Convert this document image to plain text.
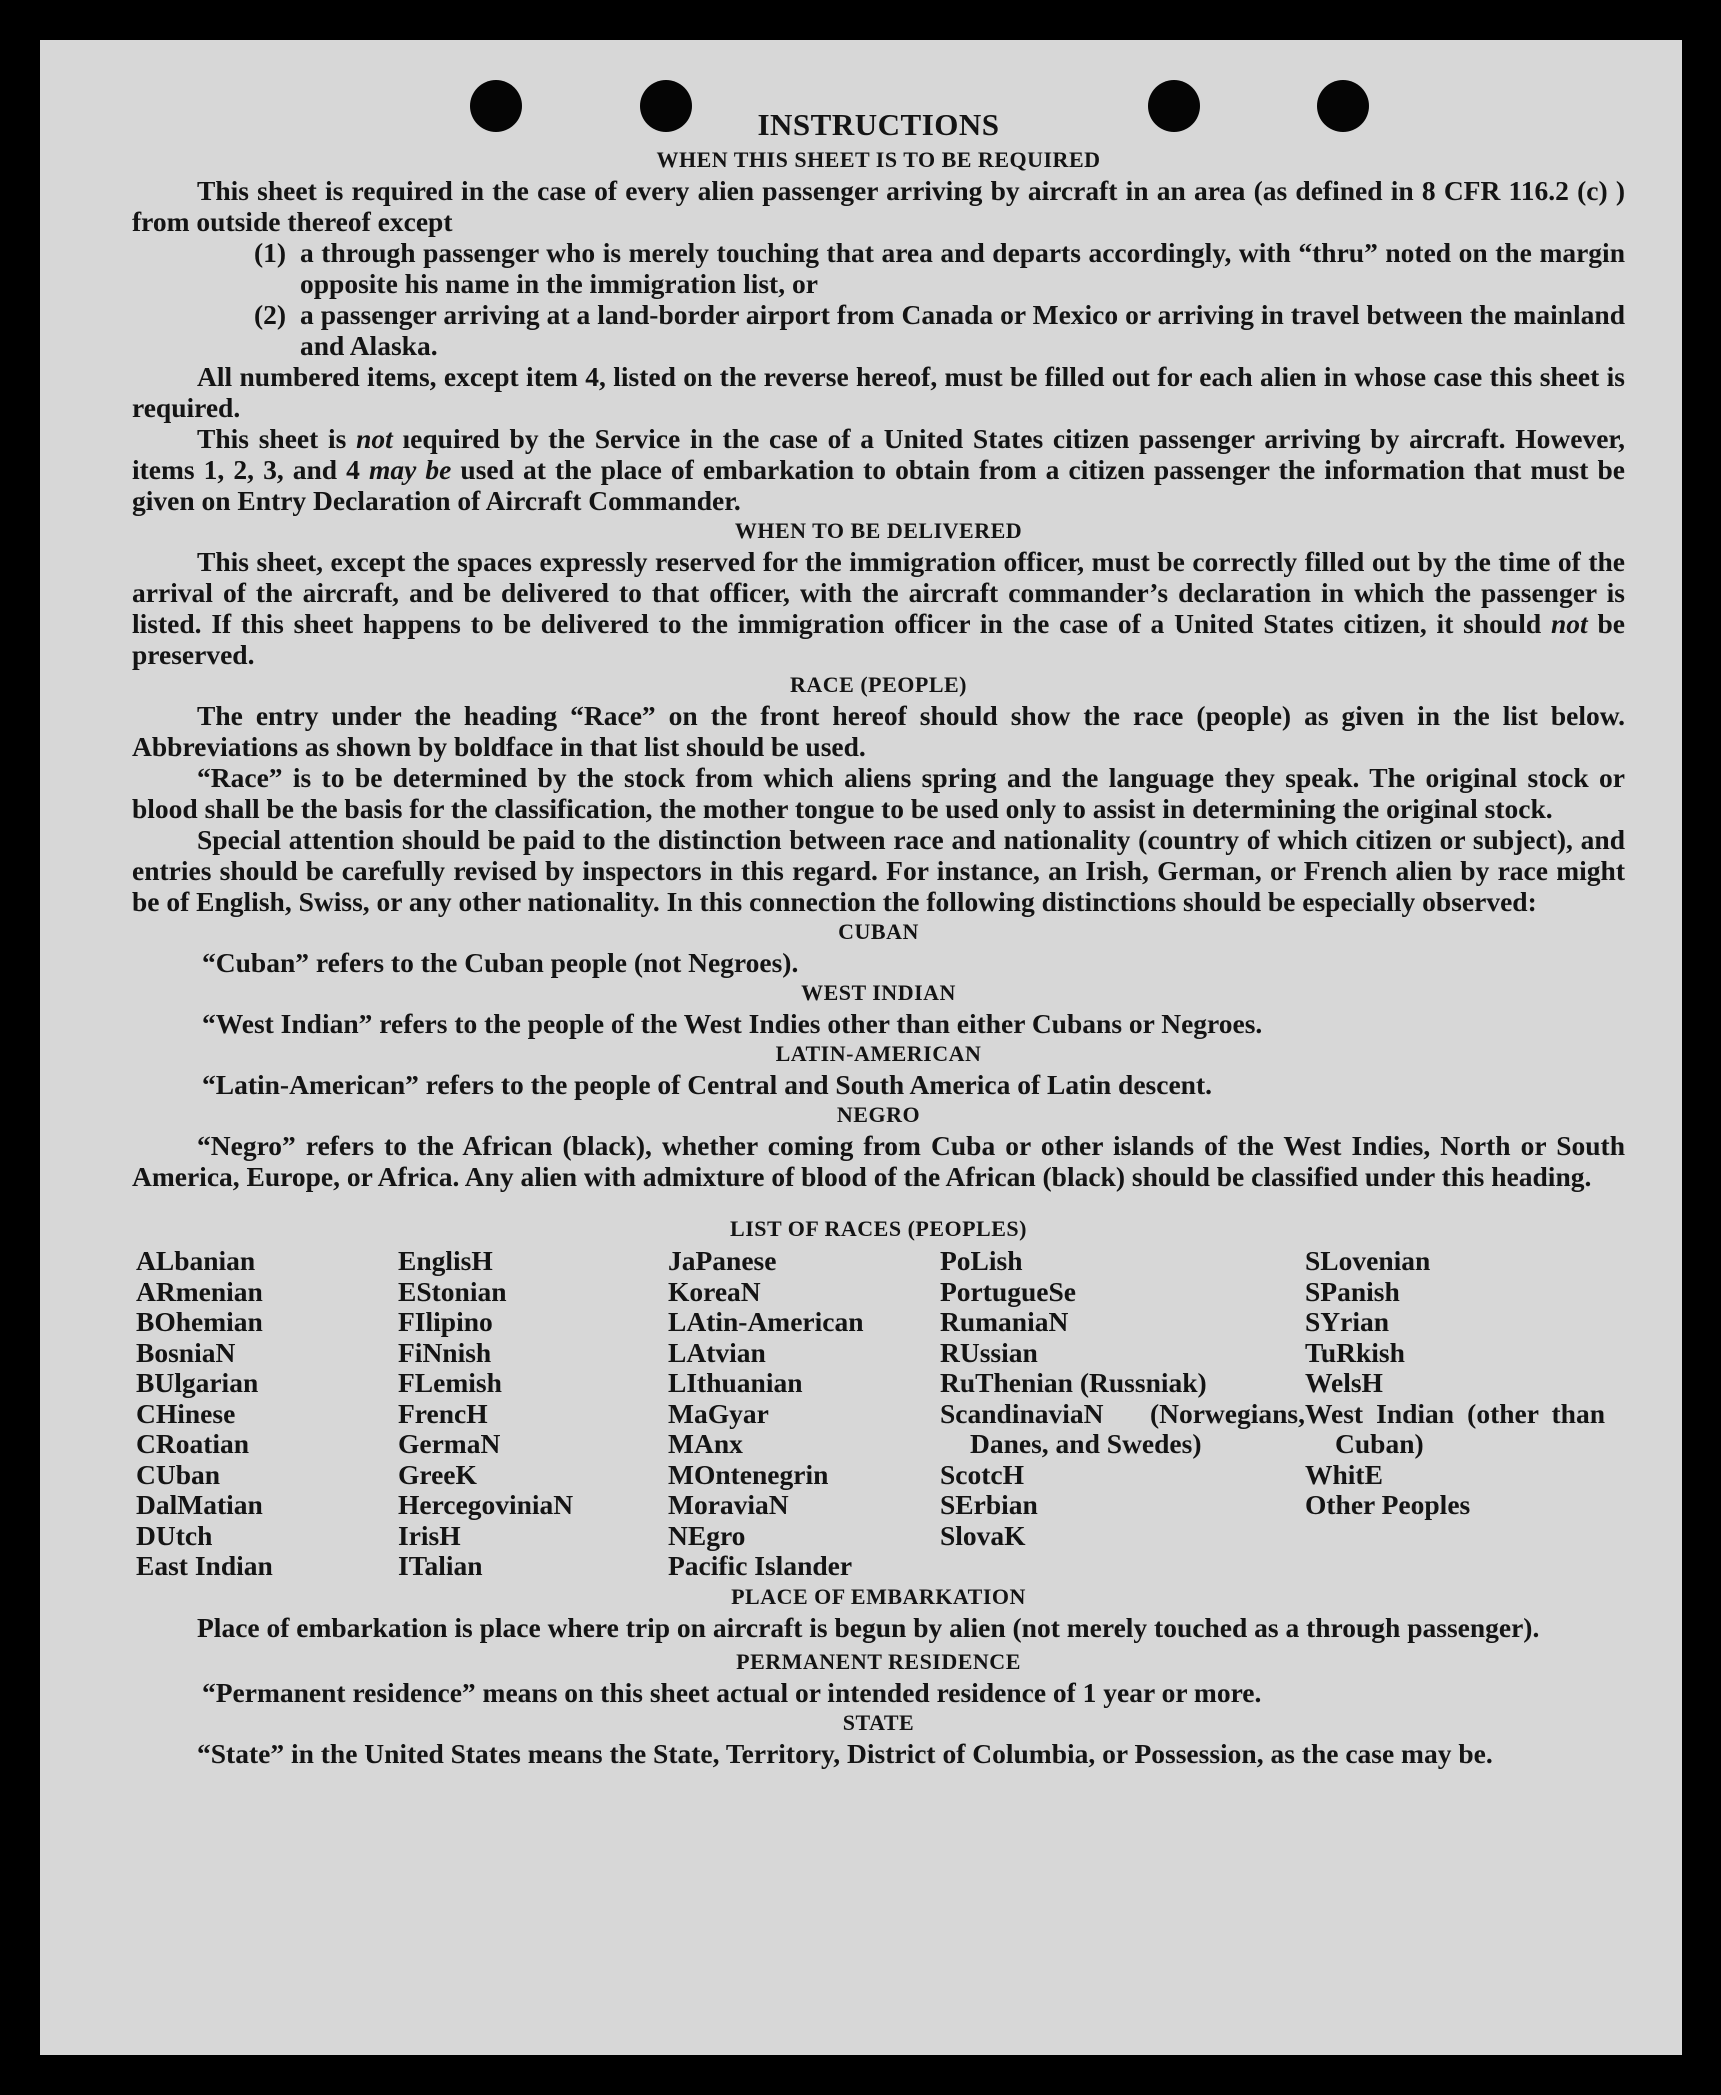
INSTRUCTIONS
WHEN THIS SHEET IS TO BE REQUIRED

This sheet is required in the case of every alien passenger arriving by aircraft in an area (as defined in 8 CFR 116.2 (c) ) from outside thereof except

(1) a through passenger who is merely touching that area and departs accordingly, with “thru” noted on the margin opposite his name in the immigration list, or
(2) a passenger arriving at a land-border airport from Canada or Mexico or arriving in travel between the mainland and Alaska.

All numbered items, except item 4, listed on the reverse hereof, must be filled out for each alien in whose case this sheet is required.

This sheet is not ıequired by the Service in the case of a United States citizen passenger arriving by aircraft. However, items 1, 2, 3, and 4 may be used at the place of embarkation to obtain from a citizen passenger the information that must be given on Entry Declaration of Aircraft Commander.

WHEN TO BE DELIVERED

This sheet, except the spaces expressly reserved for the immigration officer, must be correctly filled out by the time of the arrival of the aircraft, and be delivered to that officer, with the aircraft commander’s declaration in which the passenger is listed. If this sheet happens to be delivered to the immigration officer in the case of a United States citizen, it should not be preserved.

RACE (PEOPLE)

The entry under the heading “Race” on the front hereof should show the race (people) as given in the list below. Abbreviations as shown by boldface in that list should be used.

“Race” is to be determined by the stock from which aliens spring and the language they speak. The original stock or blood shall be the basis for the classification, the mother tongue to be used only to assist in determining the original stock.

Special attention should be paid to the distinction between race and nationality (country of which citizen or subject), and entries should be carefully revised by inspectors in this regard. For instance, an Irish, German, or French alien by race might be of English, Swiss, or any other nationality. In this connection the following distinctions should be especially observed:

CUBAN

“Cuban” refers to the Cuban people (not Negroes).

WEST INDIAN

“West Indian” refers to the people of the West Indies other than either Cubans or Negroes.

LATIN-AMERICAN

“Latin-American” refers to the people of Central and South America of Latin descent.

NEGRO

“Negro” refers to the African (black), whether coming from Cuba or other islands of the West Indies, North or South America, Europe, or Africa. Any alien with admixture of blood of the African (black) should be classified under this heading.

LIST OF RACES (PEOPLES)
ALbanian
ARmenian
BOhemian
BosniaN
BUlgarian
CHinese
CRoatian
CUban
DalMatian
DUtch
East Indian
EnglisH
EStonian
FIlipino
FiNnish
FLemish
FrencH
GermaN
GreeK
HercegoviniaN
IrisH
ITalian
JaPanese
KoreaN
LAtin-American
LAtvian
LIthuanian
MaGyar
MAnx
MOntenegrin
MoraviaN
NEgro
Pacific Islander
PoLish
PortugueSe
RumaniaN
RUssian
RuThenian (Russniak)
ScandinaviaN (Norwegians, Danes, and Swedes)
ScotcH
SErbian
SlovaK
SLovenian
SPanish
SYrian
TuRkish
WelsH
West Indian (other than Cuban)
WhitE
Other Peoples
PLACE OF EMBARKATION

Place of embarkation is place where trip on aircraft is begun by alien (not merely touched as a through passenger).

PERMANENT RESIDENCE

“Permanent residence” means on this sheet actual or intended residence of 1 year or more.

STATE

“State” in the United States means the State, Territory, District of Columbia, or Possession, as the case may be.
